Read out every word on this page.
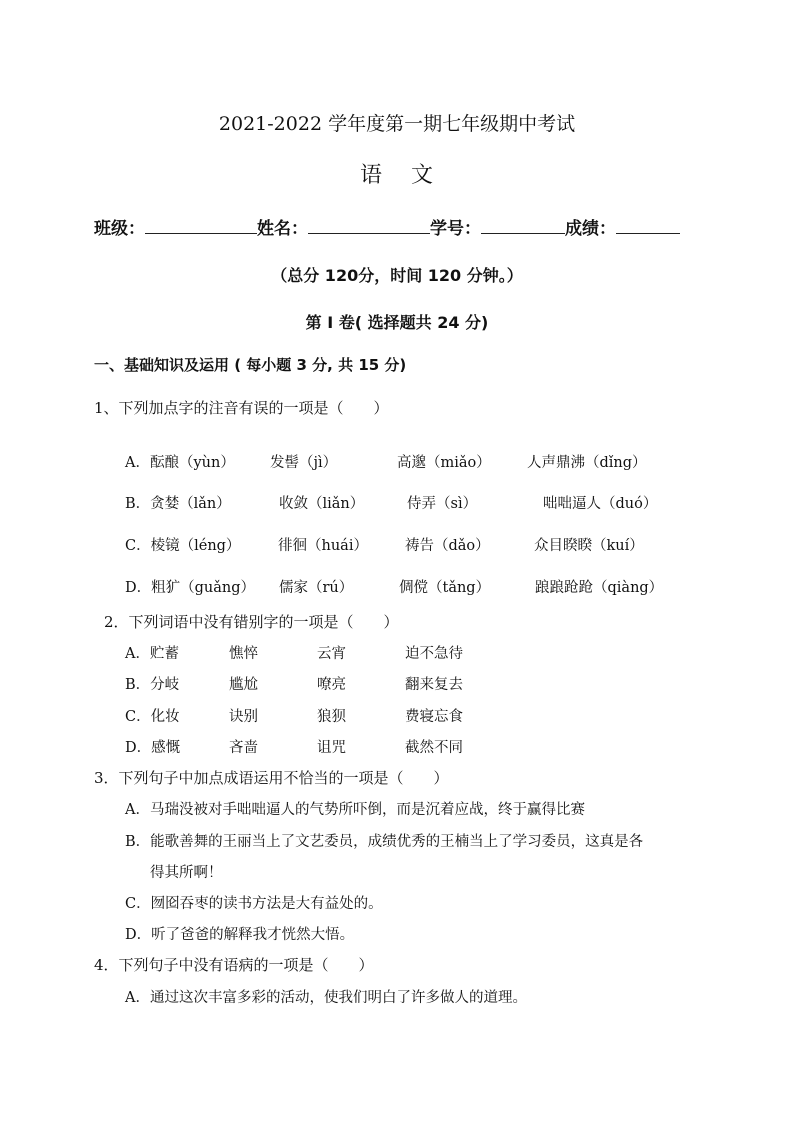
2021-2022 学年度第一期七年级期中考试
语 文
班级：	姓名：	学号：	成绩：
（总分 120分，时间 120 分钟。）
第 I 卷( 选择题共 24 分)
一、基础知识及运用 ( 每小题 3 分, 共 15 分)
1、下列加点字的注音有误的一项是（　　）
A．酝酿（yùn） 发髻（jì）	高邈（miǎo） 人声鼎沸（dǐng）
B．贪婪（lǎn）	收敛（liǎn）	侍弄（sì）	咄咄逼人（duó）
C．棱镜（léng）	徘徊（huái）	祷告（dǎo）	众目睽睽（kuí）
D．粗犷（guǎng） 儒家（rú）	倜傥（tǎng）	踉踉跄跄（qiàng）
2．下列词语中没有错别字的一项是（　　）
A．贮蓄	憔悴	云宵	迫不急待
B．分岐	尴尬	嘹亮	翻来复去
C．化妆	诀别	狼狈	费寝忘食
D．感慨	吝啬	诅咒	截然不同
3．下列句子中加点成语运用不恰当的一项是（　　）
A．马瑞没被对手咄咄逼人的气势所吓倒，而是沉着应战，终于赢得比赛
B．能歌善舞的王丽当上了文艺委员，成绩优秀的王楠当上了学习委员，这真是各
得其所啊！
C．囫囵吞枣的读书方法是大有益处的。
D．听了爸爸的解释我才恍然大悟。
4．下列句子中没有语病的一项是（　　）
A．通过这次丰富多彩的活动，使我们明白了许多做人的道理。
